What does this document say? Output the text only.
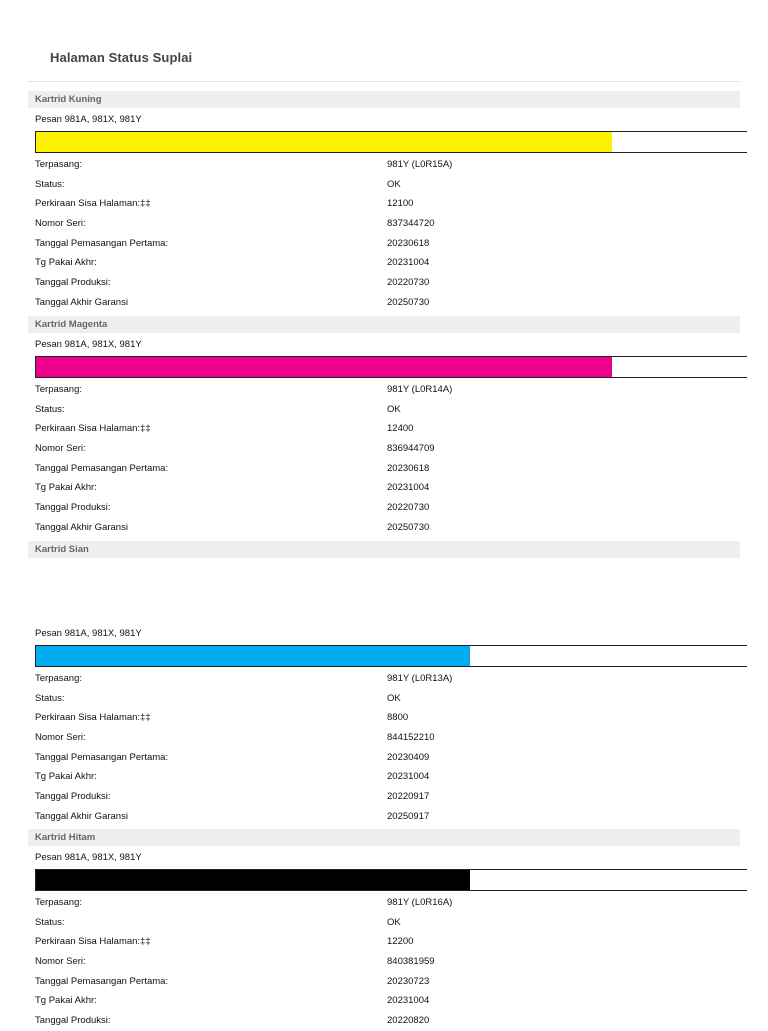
Halaman Status Suplai
Kartrid Kuning
Pesan 981A, 981X, 981Y
Terpasang:	981Y (L0R15A)
Status:	OK
Perkiraan Sisa Halaman:‡‡	12100
Nomor Seri:	837344720
Tanggal Pemasangan Pertama:	20230618
Tg Pakai Akhr:	20231004
Tanggal Produksi:	20220730
Tanggal Akhir Garansi	20250730
Kartrid Magenta
Pesan 981A, 981X, 981Y
Terpasang:	981Y (L0R14A)
Status:	OK
Perkiraan Sisa Halaman:‡‡	12400
Nomor Seri:	836944709
Tanggal Pemasangan Pertama:	20230618
Tg Pakai Akhr:	20231004
Tanggal Produksi:	20220730
Tanggal Akhir Garansi	20250730
Kartrid Sian
Pesan 981A, 981X, 981Y
Terpasang:	981Y (L0R13A)
Status:	OK
Perkiraan Sisa Halaman:‡‡	8800
Nomor Seri:	844152210
Tanggal Pemasangan Pertama:	20230409
Tg Pakai Akhr:	20231004
Tanggal Produksi:	20220917
Tanggal Akhir Garansi	20250917
Kartrid Hitam
Pesan 981A, 981X, 981Y
Terpasang:	981Y (L0R16A)
Status:	OK
Perkiraan Sisa Halaman:‡‡	12200
Nomor Seri:	840381959
Tanggal Pemasangan Pertama:	20230723
Tg Pakai Akhr:	20231004
Tanggal Produksi:	20220820
